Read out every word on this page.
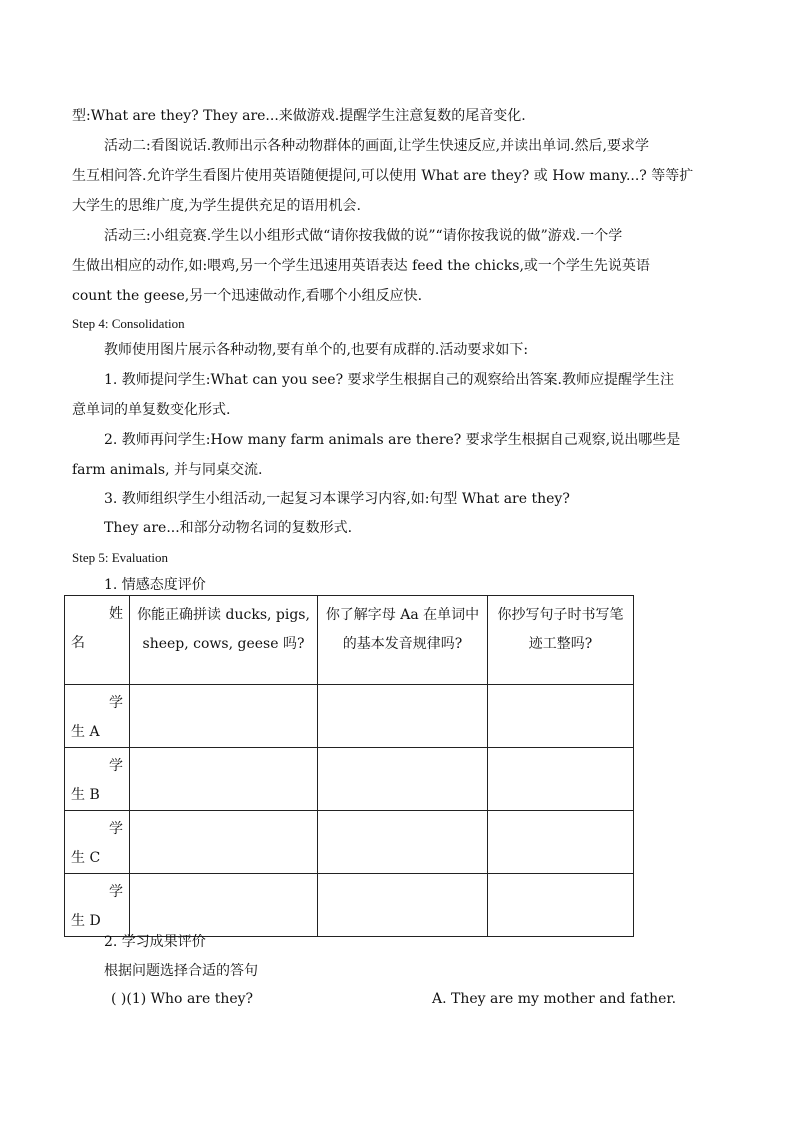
型:What are they? They are...来做游戏.提醒学生注意复数的尾音变化.
活动二:看图说话.教师出示各种动物群体的画面,让学生快速反应,并读出单词.然后,要求学
生互相问答.允许学生看图片使用英语随便提问,可以使用 What are they? 或 How many...? 等等扩
大学生的思维广度,为学生提供充足的语用机会.
活动三:小组竞赛.学生以小组形式做“请你按我做的说”“请你按我说的做”游戏.一个学
生做出相应的动作,如:喂鸡,另一个学生迅速用英语表达 feed the chicks,或一个学生先说英语
count the geese,另一个迅速做动作,看哪个小组反应快.
Step 4: Consolidation
教师使用图片展示各种动物,要有单个的,也要有成群的.活动要求如下:
1. 教师提问学生:What can you see? 要求学生根据自己的观察给出答案.教师应提醒学生注
意单词的单复数变化形式.
2. 教师再问学生:How many farm animals are there? 要求学生根据自己观察,说出哪些是
farm animals, 并与同桌交流.
3. 教师组织学生小组活动,一起复习本课学习内容,如:句型 What are they?
They are...和部分动物名词的复数形式.
Step 5: Evaluation
1. 情感态度评价
姓
名	你能正确拼读 ducks, pigs, sheep, cows, geese 吗?	你了解字母 Aa 在单词中的基本发音规律吗?	你抄写句子时书写笔迹工整吗?

学
生 A			

学
生 B			

学
生 C			

学
生 D			

2. 学习成果评价
根据问题选择合适的答句
( )(1) Who are they?	A. They are my mother and father.
